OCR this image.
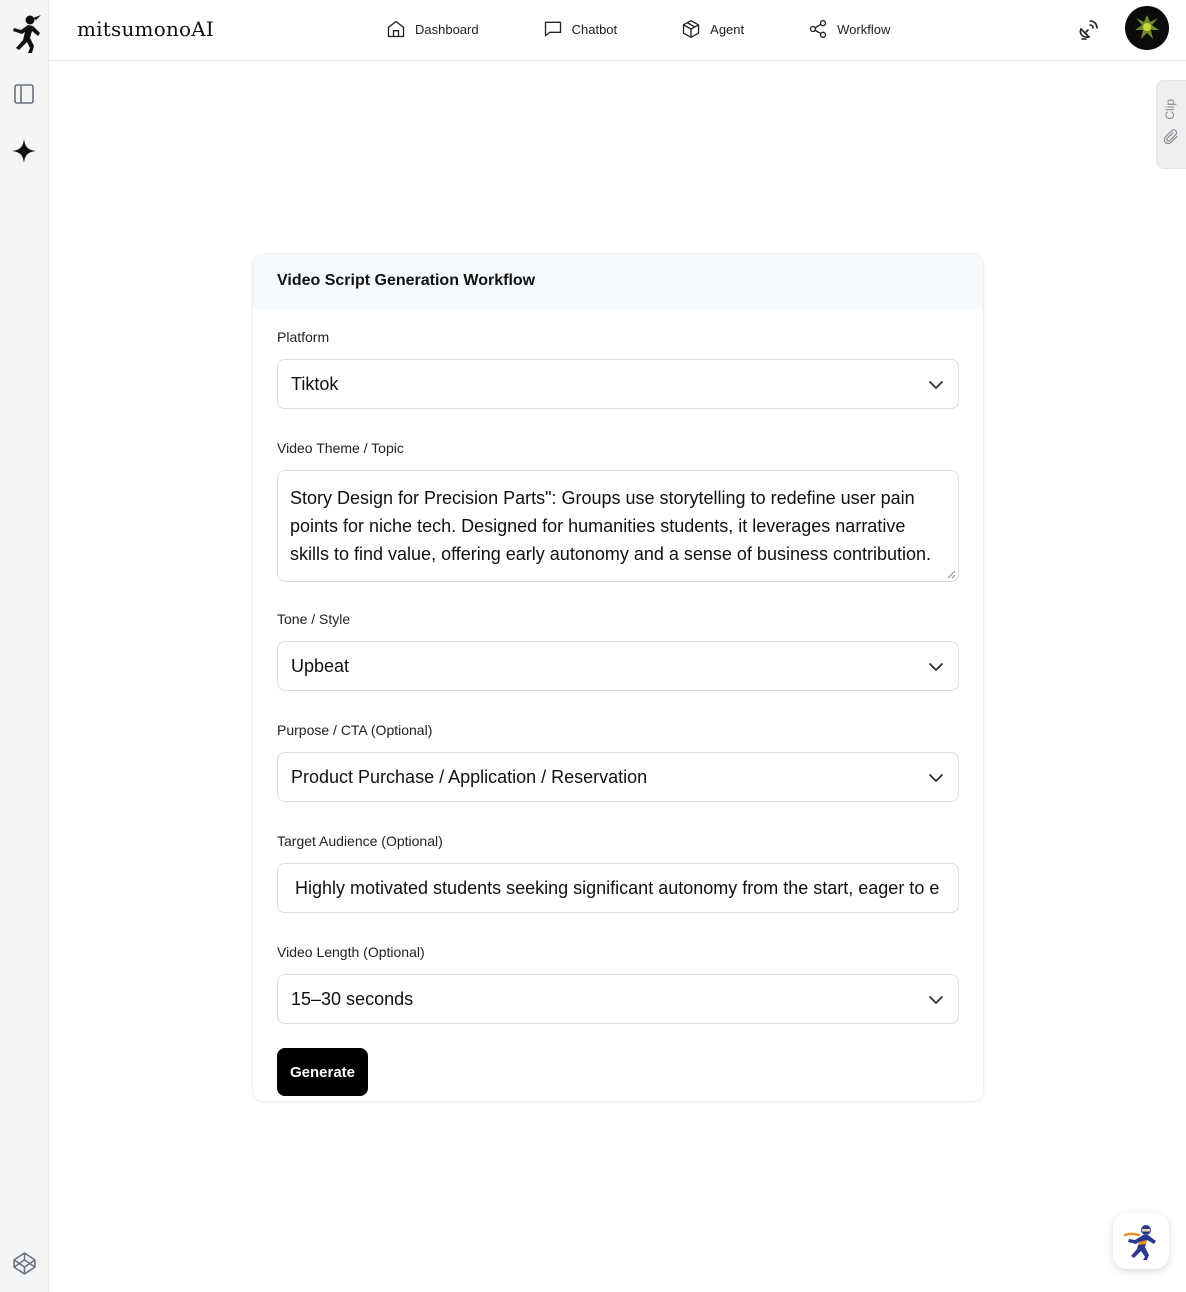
mitsumonoAI	Dashboard	Chatbot	Agent	Workflow
Clip
Video Script Generation Workflow
Platform
Tiktok
Video Theme / Topic
Story Design for Precision Parts": Groups use storytelling to redefine user pain points for niche tech. Designed for humanities students, it leverages narrative skills to find value, offering early autonomy and a sense of business contribution.
Tone / Style
Upbeat
Purpose / CTA (Optional)
Product Purchase / Application / Reservation
Target Audience (Optional)
Highly motivated students seeking significant autonomy from the start, eager to e
Video Length (Optional)
15–30 seconds
Generate
